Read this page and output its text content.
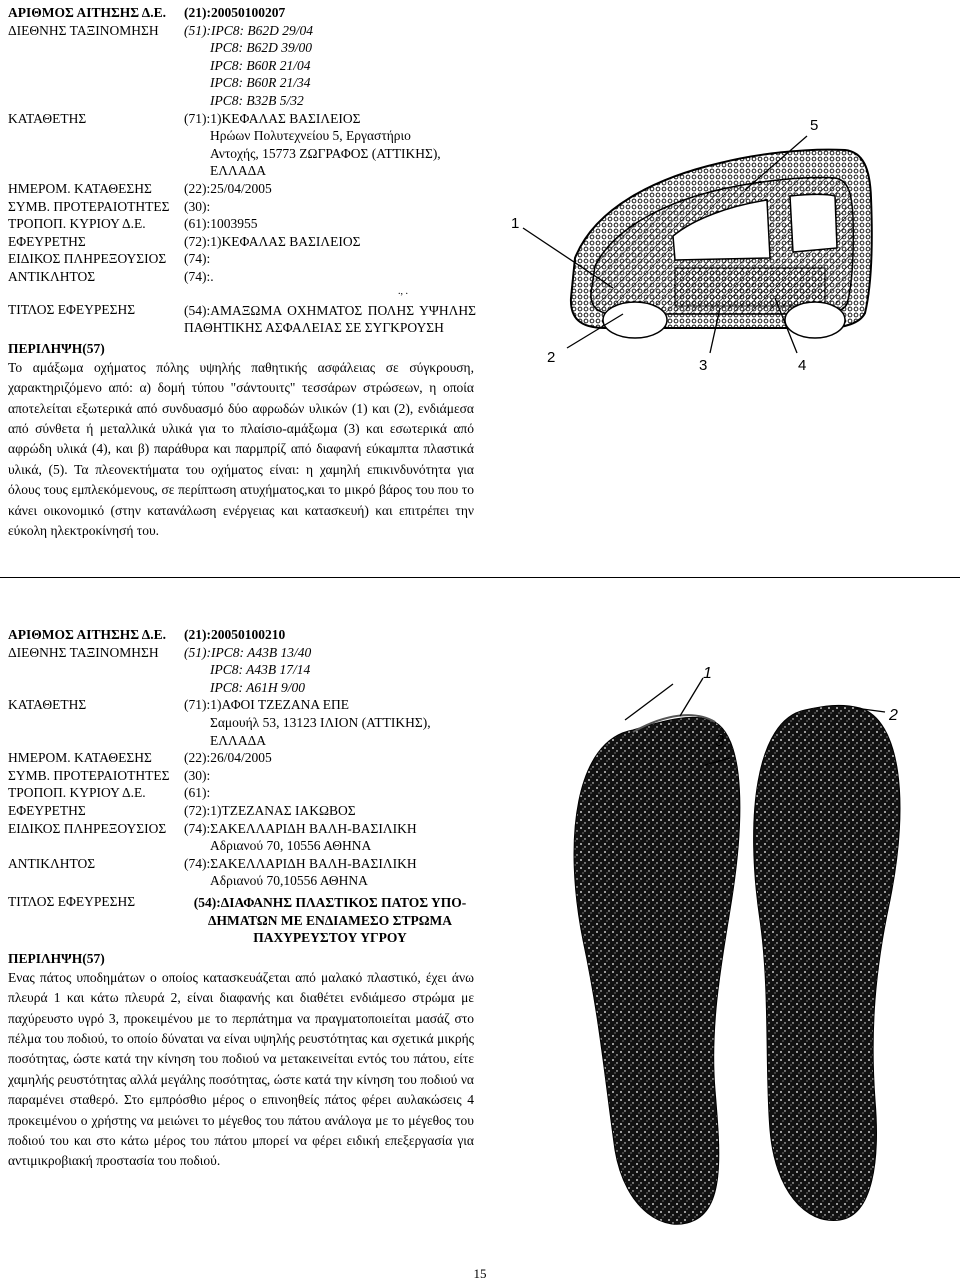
ΑΡΙΘΜΟΣ ΑΙΤΗΣΗΣ Δ.Ε. (21):20050100207
ΔΙΕΘΝΗΣ ΤΑΞΙΝΟΜΗΣΗ (51):IPC8: B62D 29/04
IPC8: B62D 39/00
IPC8: B60R 21/04
IPC8: B60R 21/34
IPC8: B32B 5/32
ΚΑΤΑΘΕΤΗΣ	(71):1)ΚΕΦΑΛΑΣ ΒΑΣΙΛΕΙΟΣ
Ηρώων Πολυτεχνείου 5, Εργαστήριο
Αντοχής, 15773 ΖΩΓΡΑΦΟΣ (ΑΤΤΙΚΗΣ),
ΕΛΛΑΔΑ
ΗΜΕΡΟΜ. ΚΑΤΑΘΕΣΗΣ (22):25/04/2005
ΣΥΜΒ. ΠΡΟΤΕΡΑΙΟΤΗΤΕΣ (30):
ΤΡΟΠΟΠ. ΚΥΡΙΟΥ Δ.Ε.	(61):1003955
ΕΦΕΥΡΕΤΗΣ	(72):1)ΚΕΦΑΛΑΣ ΒΑΣΙΛΕΙΟΣ
ΕΙΔΙΚΟΣ ΠΛΗΡΕΞΟΥΣΙΟΣ (74):
ΑΝΤΙΚΛΗΤΟΣ	(74):.
., .
ΤΙΤΛΟΣ ΕΦΕΥΡΕΣΗΣ	(54):ΑΜΑΞΩΜΑ ΟΧΗΜΑΤΟΣ ΠΟΛΗΣ ΥΨΗΛΗΣ ΠΑΘΗΤΙΚΗΣ ΑΣΦΑΛΕΙΑΣ ΣΕ ΣΥΓΚΡΟΥΣΗ
ΠΕΡΙΛΗΨΗ(57)
Το αμάξωμα οχήματος πόλης υψηλής παθητικής ασφάλειας σε σύγκρουση, χαρακτηριζόμενο από: α) δομή τύπου "σάντουιτς" τεσσάρων στρώσεων, η οποία αποτελείται εξωτερικά από συνδυασμό δύο αφρωδών υλικών (1) και (2), ενδιάμεσα από σύνθετα ή μεταλλικά υλικά για το πλαίσιο-αμάξωμα (3) και εσωτερικά από αφρώδη υλικά (4), και β) παράθυρα και παρμπρίζ από διαφανή εύκαμπτα πλαστικά υλικά, (5). Τα πλεονεκτήματα του οχήματος είναι: η χαμηλή επικινδυνότητα για όλους τους εμπλεκόμενους, σε περίπτωση ατυχήματος,και το μικρό βάρος του που το κάνει οικονομικό (στην κατανάλωση ενέργειας και κατασκευή) και επιτρέπει την εύκολη ηλεκτροκίνησή του.
1
2	3	4
5
ΑΡΙΘΜΟΣ ΑΙΤΗΣΗΣ Δ.Ε. (21):20050100210
ΔΙΕΘΝΗΣ ΤΑΞΙΝΟΜΗΣΗ (51):IPC8: A43B 13/40
IPC8: A43B 17/14
IPC8: A61H 9/00
ΚΑΤΑΘΕΤΗΣ	(71):1)ΑΦΟΙ ΤΖΕΖΑΝΑ ΕΠΕ
Σαμουήλ 53, 13123 ΙΛΙΟΝ (ΑΤΤΙΚΗΣ),
ΕΛΛΑΔΑ
ΗΜΕΡΟΜ. ΚΑΤΑΘΕΣΗΣ (22):26/04/2005
ΣΥΜΒ. ΠΡΟΤΕΡΑΙΟΤΗΤΕΣ (30):
ΤΡΟΠΟΠ. ΚΥΡΙΟΥ Δ.Ε.	(61):
ΕΦΕΥΡΕΤΗΣ	(72):1)ΤΖΕΖΑΝΑΣ ΙΑΚΩΒΟΣ
ΕΙΔΙΚΟΣ ΠΛΗΡΕΞΟΥΣΙΟΣ (74):ΣΑΚΕΛΛΑΡΙΔΗ ΒΑΛΗ-ΒΑΣΙΛΙΚΗ
Αδριανού 70, 10556 ΑΘΗΝΑ
ΑΝΤΙΚΛΗΤΟΣ	(74):ΣΑΚΕΛΛΑΡΙΔΗ ΒΑΛΗ-ΒΑΣΙΛΙΚΗ
Αδριανού 70,10556 ΑΘΗΝΑ
ΤΙΤΛΟΣ ΕΦΕΥΡΕΣΗΣ	(54):ΔΙΑΦΑΝΗΣ ΠΛΑΣΤΙΚΟΣ ΠΑΤΟΣ ΥΠΟ-ΔΗΜΑΤΩΝ ΜΕ ΕΝΔΙΑΜΕΣΟ ΣΤΡΩΜΑ ΠΑΧΥΡΕΥΣΤΟΥ ΥΓΡΟΥ
ΠΕΡΙΛΗΨΗ(57)
Ενας πάτος υποδημάτων ο οποίος κατασκευάζεται από μαλακό πλαστικό, έχει άνω πλευρά 1 και κάτω πλευρά 2, είναι διαφανής και διαθέτει ενδιάμεσο στρώμα με παχύρευστο υγρό 3, προκειμένου με το περπάτημα να πραγματοποιείται μασάζ στο πέλμα του ποδιού, το οποίο δύναται να είναι υψηλής ρευστότητας και σχετικά μικρής ποσότητας, ώστε κατά την κίνηση του ποδιού να μετακεινείται εντός του πάτου, είτε χαμηλής ρευστότητας αλλά μεγάλης ποσότητας, ώστε κατά την κίνηση του ποδιού να παραμένει σταθερό. Στο εμπρόσθιο μέρος ο επινοηθείς πάτος φέρει αυλακώσεις 4 προκειμένου ο χρήστης να μειώνει το μέγεθος του πάτου ανάλογα με το μέγεθος του ποδιού του και στο κάτω μέρος του πάτου μπορεί να φέρει ειδική επεξεργασία για αντιμικροβιακή προστασία του ποδιού.
1
2
3
15
